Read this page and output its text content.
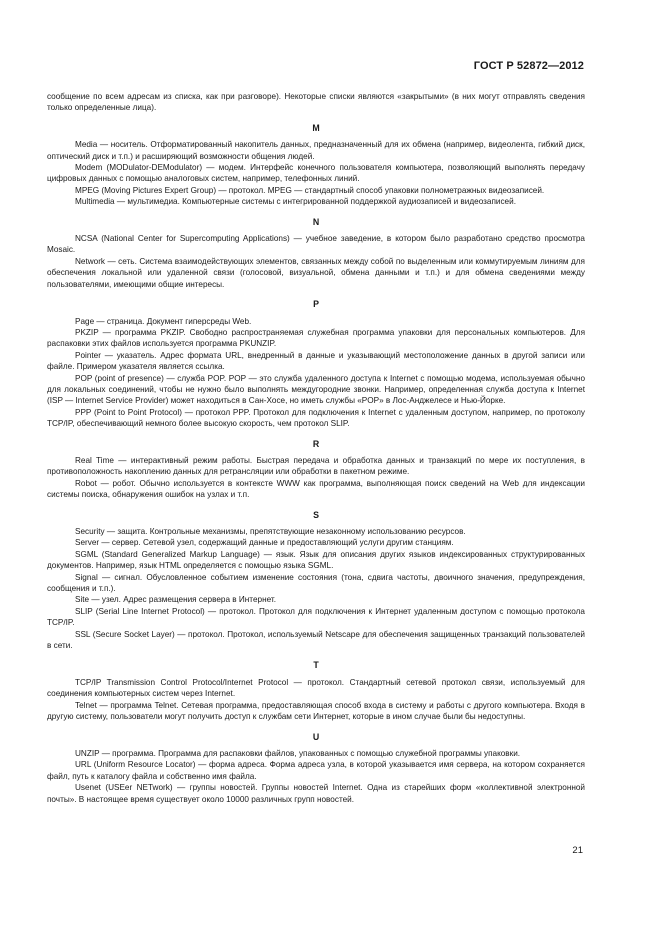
ГОСТ Р 52872—2012

сообщение по всем адресам из списка, как при разговоре). Некоторые списки являются «закрытыми» (в них могут отправлять сведения только определенные лица).

M

Media — носитель. Отформатированный накопитель данных, предназначенный для их обмена (например, видеолента, гибкий диск, оптический диск и т.п.) и расширяющий возможности общения людей.

Modem (MODulator-DEModulator) — модем. Интерфейс конечного пользователя компьютера, позволяющий выполнять передачу цифровых данных с помощью аналоговых систем, например, телефонных линий.

MPEG (Moving Pictures Expert Group) — протокол. MPEG — стандартный способ упаковки полнометражных видеозаписей.

Multimedia — мультимедиа. Компьютерные системы с интегрированной поддержкой аудиозаписей и видеозаписей.

N

NCSA (National Center for Supercomputing Applications) — учебное заведение, в котором было разработано средство просмотра Mosaic.

Network — сеть. Система взаимодействующих элементов, связанных между собой по выделенным или коммутируемым линиям для обеспечения локальной или удаленной связи (голосовой, визуальной, обмена данными и т.п.) и для обмена сведениями между пользователями, имеющими общие интересы.

P

Page — страница. Документ гиперсреды Web.

PKZIP — программа PKZIP. Свободно распространяемая служебная программа упаковки для персональных компьютеров. Для распаковки этих файлов используется программа PKUNZIP.

Pointer — указатель. Адрес формата URL, внедренный в данные и указывающий местоположение данных в другой записи или файле. Примером указателя является ссылка.

POP (point of presence) — служба POP. POP — это служба удаленного доступа к Internet с помощью модема, используемая обычно для локальных соединений, чтобы не нужно было выполнять междугородние звонки. Например, определенная служба доступа к Internet (ISP — Internet Service Provider) может находиться в Сан-Хосе, но иметь службы «POP» в Лос-Анджелесе и Нью-Йорке.

PPP (Point to Point Protocol) — протокол PPP. Протокол для подключения к Internet с удаленным доступом, например, по протоколу TCP/IP, обеспечивающий немного более высокую скорость, чем протокол SLIP.

R

Real Time — интерактивный режим работы. Быстрая передача и обработка данных и транзакций по мере их поступления, в противоположность накоплению данных для ретрансляции или обработки в пакетном режиме.

Robot — робот. Обычно используется в контексте WWW как программа, выполняющая поиск сведений на Web для индексации системы поиска, обнаружения ошибок на узлах и т.п.

S

Security — защита. Контрольные механизмы, препятствующие незаконному использованию ресурсов.

Server — сервер. Сетевой узел, содержащий данные и предоставляющий услуги другим станциям.

SGML (Standard Generalized Markup Language) — язык. Язык для описания других языков индексированных структурированных документов. Например, язык HTML определяется с помощью языка SGML.

Signal — сигнал. Обусловленное событием изменение состояния (тона, сдвига частоты, двоичного значения, предупреждения, сообщения и т.п.).

Site — узел. Адрес размещения сервера в Интернет.

SLIP (Serial Line Internet Protocol) — протокол. Протокол для подключения к Интернет удаленным доступом с помощью протокола TCP/IP.

SSL (Secure Socket Layer) — протокол. Протокол, используемый Netscape для обеспечения защищенных транзакций пользователей в сети.

T

TCP/IP Transmission Control Protocol/Internet Protocol — протокол. Стандартный сетевой протокол связи, используемый для соединения компьютерных систем через Internet.

Telnet — программа Telnet. Сетевая программа, предоставляющая способ входа в систему и работы с другого компьютера. Входя в другую систему, пользователи могут получить доступ к службам сети Интернет, которые в ином случае были бы недоступны.

U

UNZIP — программа. Программа для распаковки файлов, упакованных с помощью служебной программы упаковки.

URL (Uniform Resource Locator) — форма адреса. Форма адреса узла, в которой указывается имя сервера, на котором сохраняется файл, путь к каталогу файла и собственно имя файла.

Usenet (USEer NETwork) — группы новостей. Группы новостей Internet. Одна из старейших форм «коллективной электронной почты». В настоящее время существует около 10000 различных групп новостей.

21
